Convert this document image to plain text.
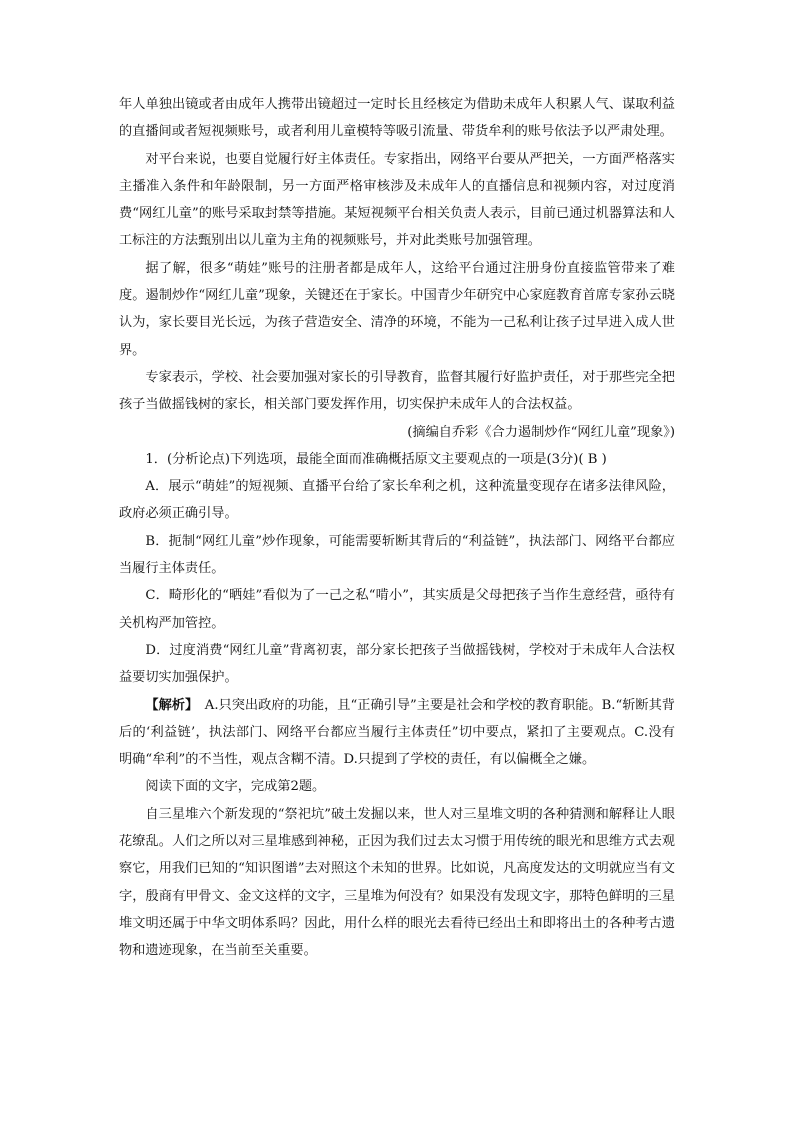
年人单独出镜或者由成年人携带出镜超过一定时长且经核定为借助未成年人积累人气、谋取利益的直播间或者短视频账号，或者利用儿童模特等吸引流量、带货牟利的账号依法予以严肃处理。

对平台来说，也要自觉履行好主体责任。专家指出，网络平台要从严把关，一方面严格落实主播准入条件和年龄限制，另一方面严格审核涉及未成年人的直播信息和视频内容，对过度消费“网红儿童”的账号采取封禁等措施。某短视频平台相关负责人表示，目前已通过机器算法和人工标注的方法甄别出以儿童为主角的视频账号，并对此类账号加强管理。

据了解，很多“萌娃”账号的注册者都是成年人，这给平台通过注册身份直接监管带来了难度。遏制炒作“网红儿童”现象，关键还在于家长。中国青少年研究中心家庭教育首席专家孙云晓认为，家长要目光长远，为孩子营造安全、清净的环境，不能为一己私利让孩子过早进入成人世界。

专家表示，学校、社会要加强对家长的引导教育，监督其履行好监护责任，对于那些完全把孩子当做摇钱树的家长，相关部门要发挥作用，切实保护未成年人的合法权益。

(摘编自乔彩《合力遏制炒作“网红儿童”现象》)

1．(分析论点)下列选项，最能全面而准确概括原文主要观点的一项是(3分)( B )

A．展示“萌娃”的短视频、直播平台给了家长牟利之机，这种流量变现存在诸多法律风险，政府必须正确引导。

B．扼制“网红儿童”炒作现象，可能需要斩断其背后的“利益链”，执法部门、网络平台都应当履行主体责任。

C．畸形化的“晒娃”看似为了一己之私“啃小”，其实质是父母把孩子当作生意经营，亟待有关机构严加管控。

D．过度消费“网红儿童”背离初衷，部分家长把孩子当做摇钱树，学校对于未成年人合法权益要切实加强保护。

【解析】　A.只突出政府的功能，且“正确引导”主要是社会和学校的教育职能。B.“斩断其背后的‘利益链’，执法部门、网络平台都应当履行主体责任”切中要点，紧扣了主要观点。C.没有明确“牟利”的不当性，观点含糊不清。D.只提到了学校的责任，有以偏概全之嫌。

阅读下面的文字，完成第2题。

自三星堆六个新发现的“祭祀坑”破土发掘以来，世人对三星堆文明的各种猜测和解释让人眼花缭乱。人们之所以对三星堆感到神秘，正因为我们过去太习惯于用传统的眼光和思维方式去观察它，用我们已知的“知识图谱”去对照这个未知的世界。比如说，凡高度发达的文明就应当有文字，殷商有甲骨文、金文这样的文字，三星堆为何没有？如果没有发现文字，那特色鲜明的三星堆文明还属于中华文明体系吗？因此，用什么样的眼光去看待已经出土和即将出土的各种考古遗物和遗迹现象，在当前至关重要。
